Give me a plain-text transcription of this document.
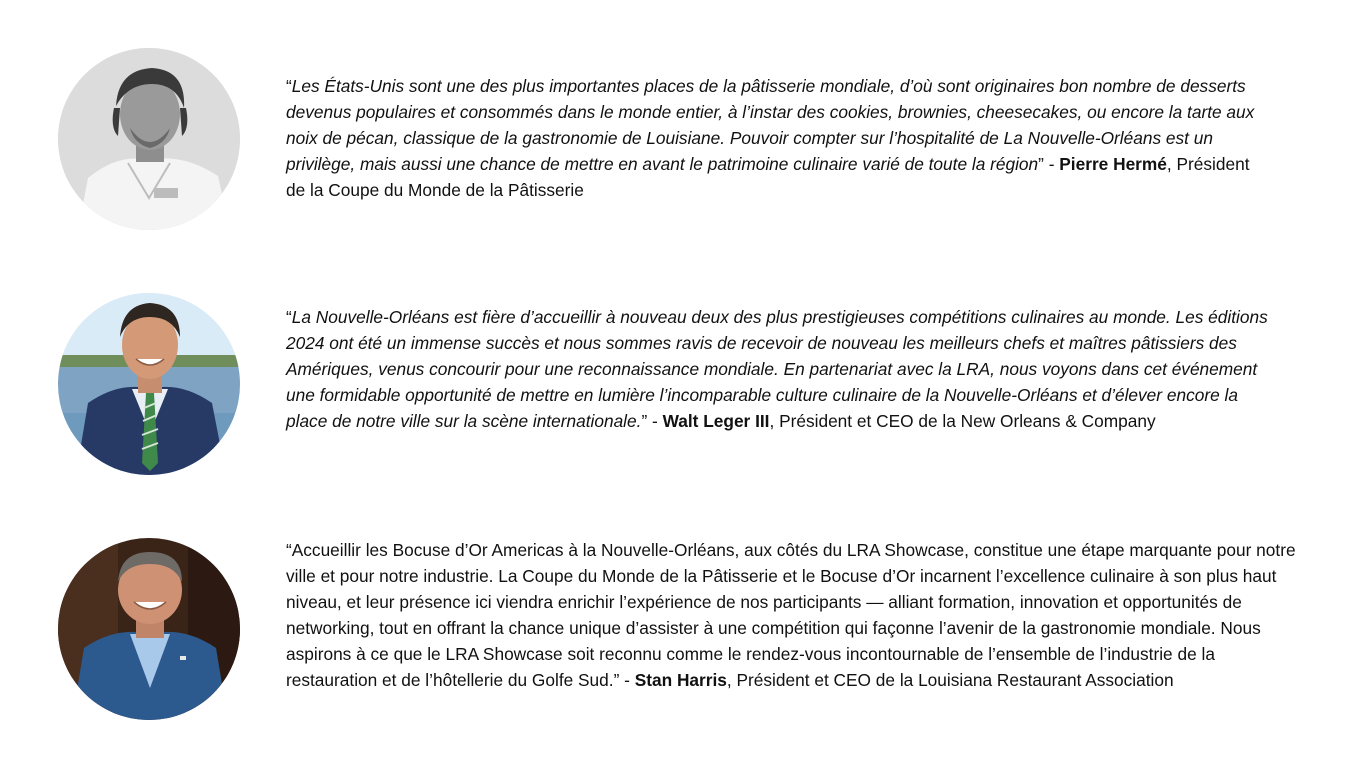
“Les États-Unis sont une des plus importantes places de la pâtisserie mondiale, d’où sont originaires bon nombre de desserts devenus populaires et consommés dans le monde entier, à l’instar des cookies, brownies, cheesecakes, ou encore la tarte aux noix de pécan, classique de la gastronomie de Louisiane. Pouvoir compter sur l’hospitalité de La Nouvelle-Orléans est un privilège, mais aussi une chance de mettre en avant le patrimoine culinaire varié de toute la région” - Pierre Hermé, Président de la Coupe du Monde de la Pâtisserie

“La Nouvelle-Orléans est fière d’accueillir à nouveau deux des plus prestigieuses compétitions culinaires au monde. Les éditions 2024 ont été un immense succès et nous sommes ravis de recevoir de nouveau les meilleurs chefs et maîtres pâtissiers des Amériques, venus concourir pour une reconnaissance mondiale. En partenariat avec la LRA, nous voyons dans cet événement une formidable opportunité de mettre en lumière l’incomparable culture culinaire de la Nouvelle-Orléans et d’élever encore la place de notre ville sur la scène internationale.” - Walt Leger III, Président et CEO de la New Orleans & Company

“Accueillir les Bocuse d’Or Americas à la Nouvelle-Orléans, aux côtés du LRA Showcase, constitue une étape marquante pour notre ville et pour notre industrie. La Coupe du Monde de la Pâtisserie et le Bocuse d’Or incarnent l’excellence culinaire à son plus haut niveau, et leur présence ici viendra enrichir l’expérience de nos participants — alliant formation, innovation et opportunités de networking, tout en offrant la chance unique d’assister à une compétition qui façonne l’avenir de la gastronomie mondiale. Nous aspirons à ce que le LRA Showcase soit reconnu comme le rendez-vous incontournable de l’ensemble de l’industrie de la restauration et de l’hôtellerie du Golfe Sud.” - Stan Harris, Président et CEO de la Louisiana Restaurant Association
